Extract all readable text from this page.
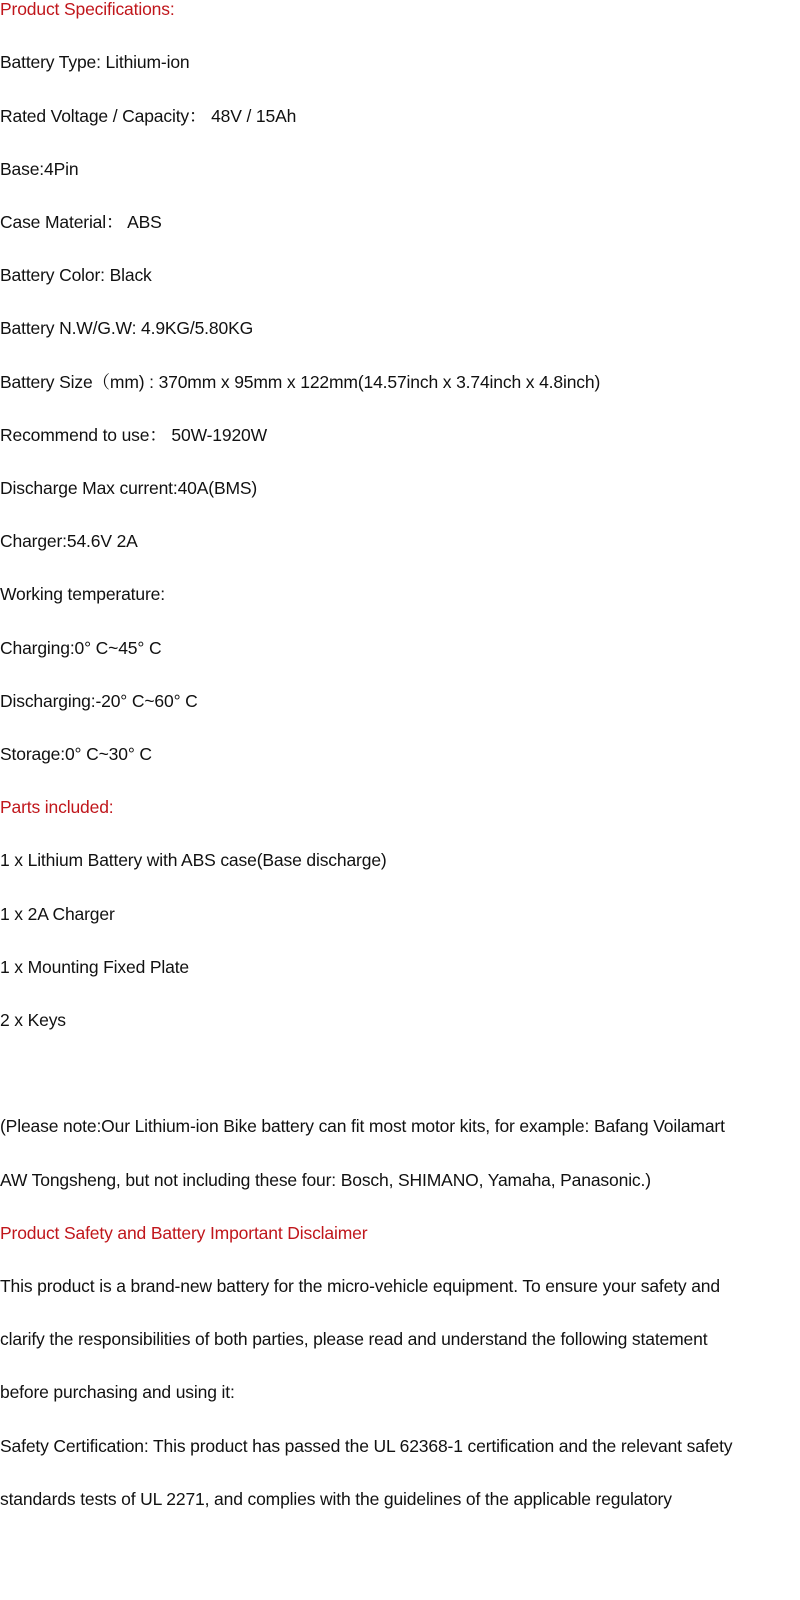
Product Specifications:
Battery Type: Lithium-ion
Rated Voltage / Capacity： 48V / 15Ah
Base:4Pin
Case Material： ABS
Battery Color: Black
Battery N.W/G.W: 4.9KG/5.80KG
Battery Size（mm) : 370mm x 95mm x 122mm(14.57inch x 3.74inch x 4.8inch)
Recommend to use： 50W-1920W
Discharge Max current:40A(BMS)
Charger:54.6V 2A
Working temperature:
Charging:0° C~45° C
Discharging:-20° C~60° C
Storage:0° C~30° C
Parts included:
1 x Lithium Battery with ABS case(Base discharge)
1 x 2A Charger
1 x Mounting Fixed Plate
2 x Keys
(Please note:Our Lithium-ion Bike battery can fit most motor kits, for example: Bafang Voilamart
AW Tongsheng, but not including these four: Bosch, SHIMANO, Yamaha, Panasonic.)
Product Safety and Battery Important Disclaimer
This product is a brand-new battery for the micro-vehicle equipment. To ensure your safety and
clarify the responsibilities of both parties, please read and understand the following statement
before purchasing and using it:
Safety Certification: This product has passed the UL 62368-1 certification and the relevant safety
standards tests of UL 2271, and complies with the guidelines of the applicable regulatory
